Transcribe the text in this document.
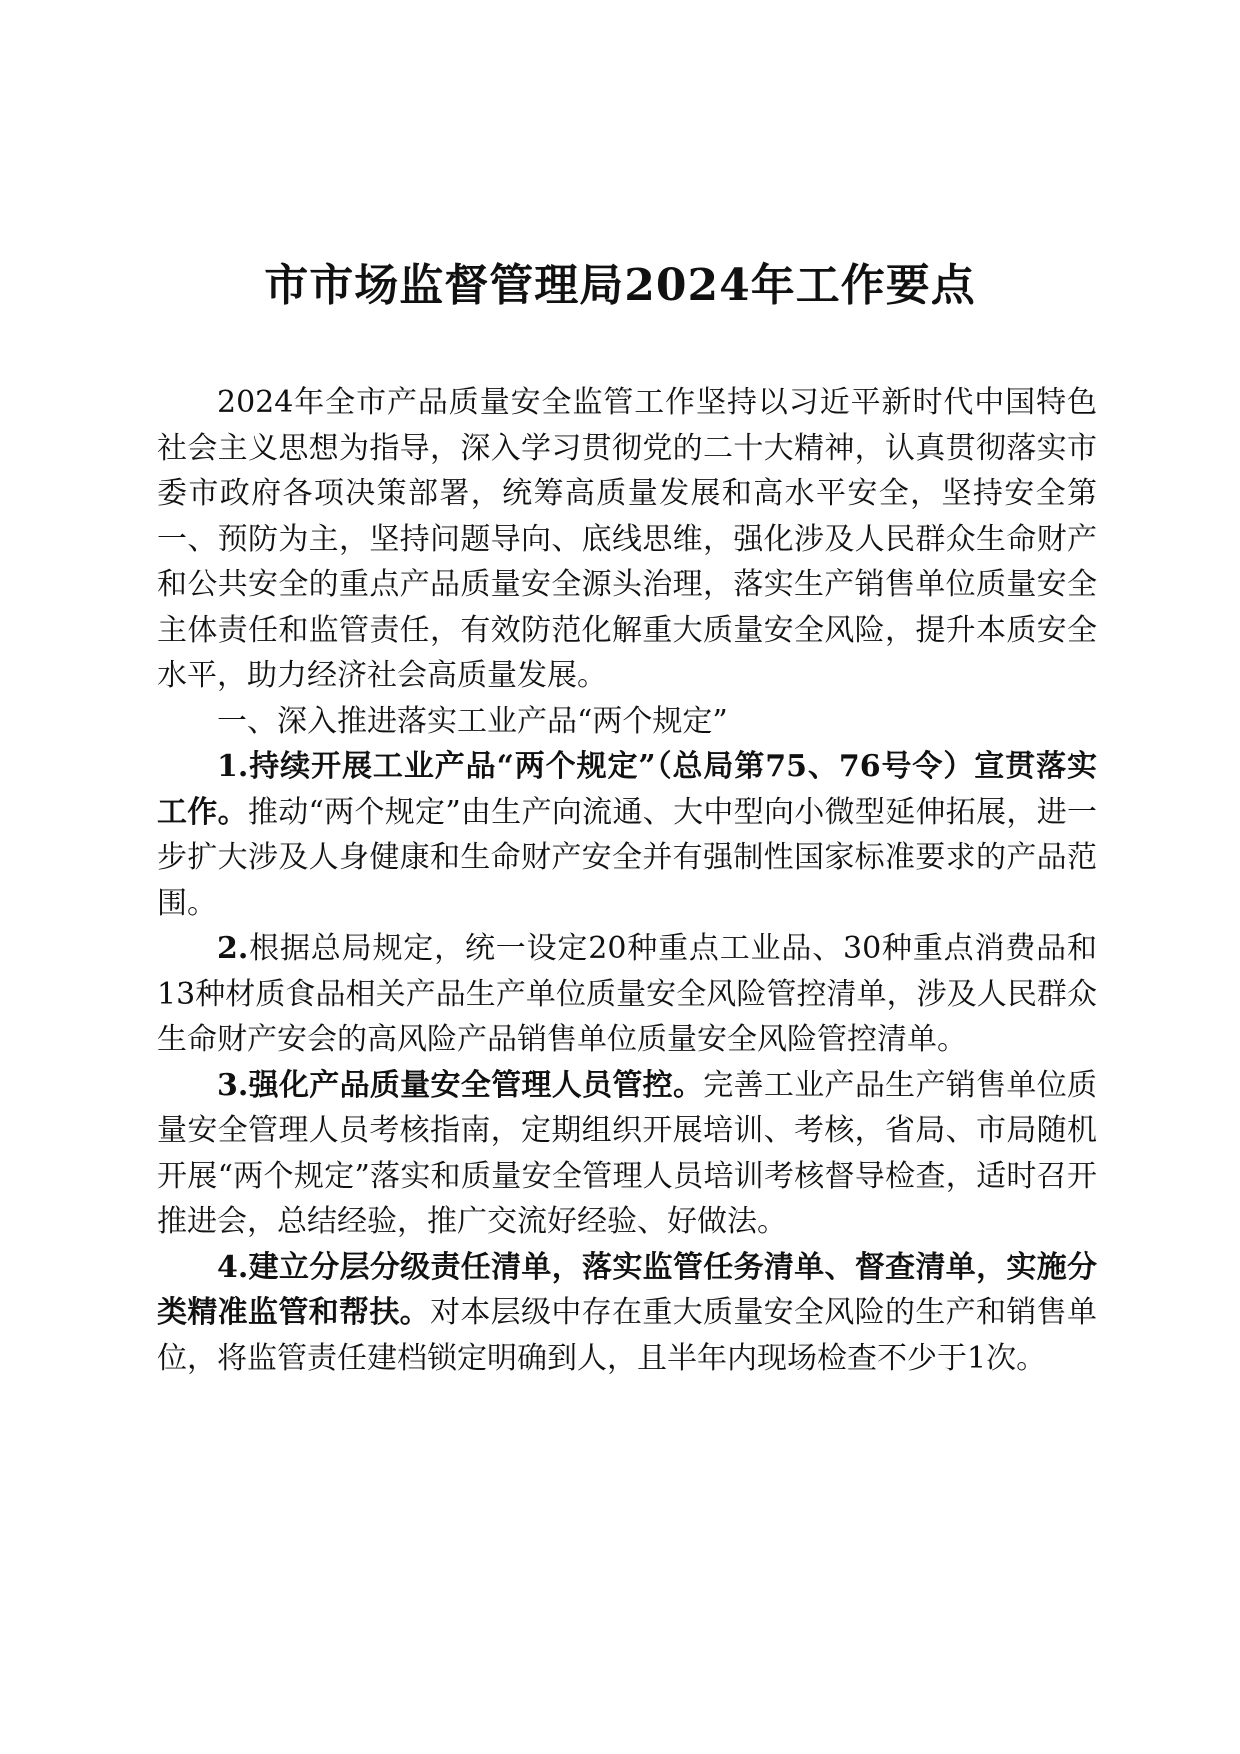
市市场监督管理局2024年工作要点

2024年全市产品质量安全监管工作坚持以习近平新时代中国特色社会主义思想为指导，深入学习贯彻党的二十大精神，认真贯彻落实市委市政府各项决策部署，统筹高质量发展和高水平安全，坚持安全第一、预防为主，坚持问题导向、底线思维，强化涉及人民群众生命财产和公共安全的重点产品质量安全源头治理，落实生产销售单位质量安全主体责任和监管责任，有效防范化解重大质量安全风险，提升本质安全水平，助力经济社会高质量发展。

一、深入推进落实工业产品“两个规定”

1.持续开展工业产品“两个规定”（总局第75、76号令）宣贯落实工作。推动“两个规定”由生产向流通、大中型向小微型延伸拓展，进一步扩大涉及人身健康和生命财产安全并有强制性国家标准要求的产品范围。

2.根据总局规定，统一设定20种重点工业品、30种重点消费品和13种材质食品相关产品生产单位质量安全风险管控清单，涉及人民群众生命财产安会的高风险产品销售单位质量安全风险管控清单。

3.强化产品质量安全管理人员管控。完善工业产品生产销售单位质量安全管理人员考核指南，定期组织开展培训、考核，省局、市局随机开展“两个规定”落实和质量安全管理人员培训考核督导检查，适时召开推进会，总结经验，推广交流好经验、好做法。

4.建立分层分级责任清单，落实监管任务清单、督查清单，实施分类精准监管和帮扶。对本层级中存在重大质量安全风险的生产和销售单位，将监管责任建档锁定明确到人，且半年内现场检查不少于1次。
